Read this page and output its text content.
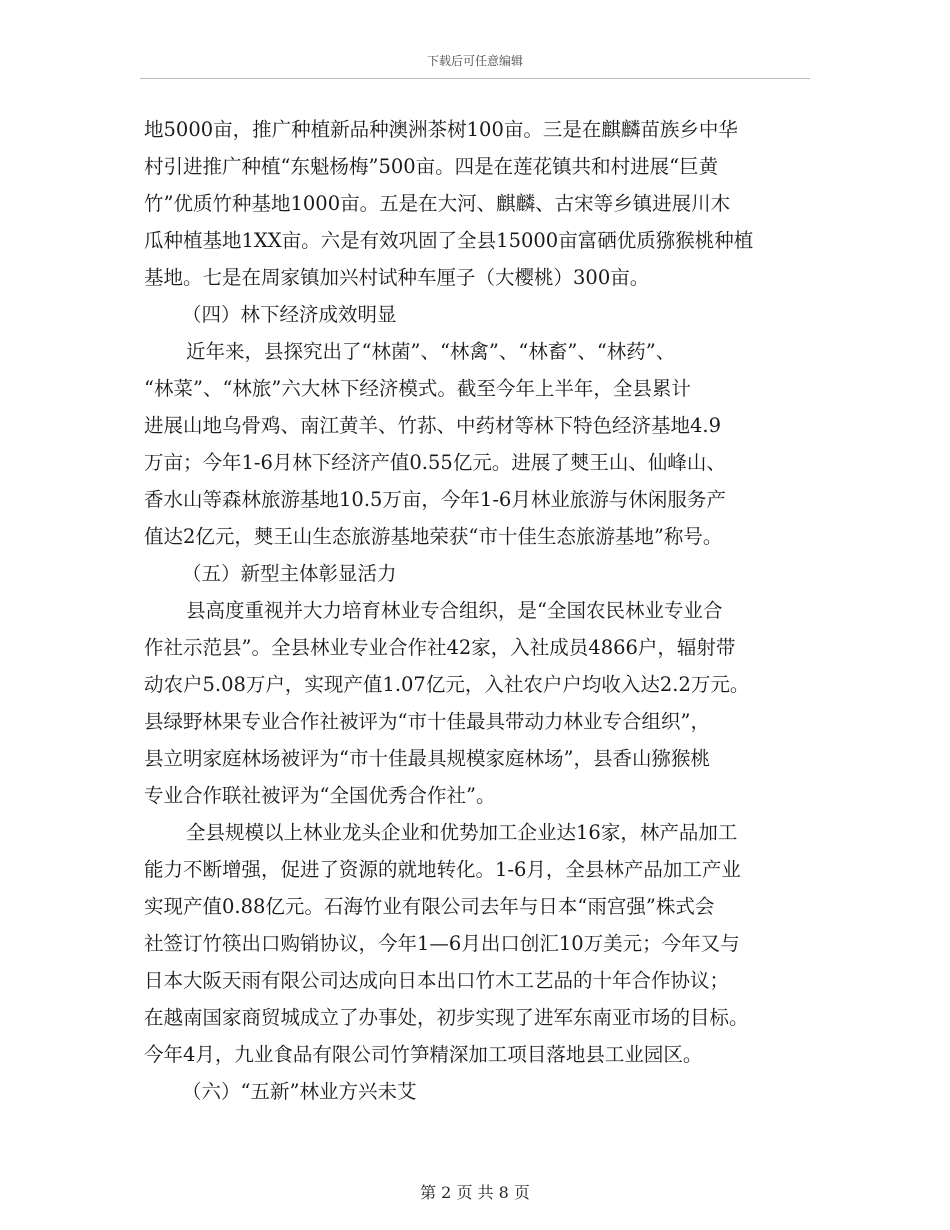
下载后可任意编辑
地5000亩，推广种植新品种澳洲茶树100亩。三是在麒麟苗族乡中华
村引进推广种植“东魁杨梅”500亩。四是在莲花镇共和村进展“巨黄
竹”优质竹种基地1000亩。五是在大河、麒麟、古宋等乡镇进展川木
瓜种植基地1XX亩。六是有效巩固了全县15000亩富硒优质猕猴桃种植
基地。七是在周家镇加兴村试种车厘子（大樱桃）300亩。
（四）林下经济成效明显
近年来，县探究出了“林菌”、“林禽”、“林畜”、“林药”、
“林菜”、“林旅”六大林下经济模式。截至今年上半年，全县累计
进展山地乌骨鸡、南江黄羊、竹荪、中药材等林下特色经济基地4.9
万亩；今年1-6月林下经济产值0.55亿元。进展了僰王山、仙峰山、
香水山等森林旅游基地10.5万亩，今年1-6月林业旅游与休闲服务产
值达2亿元，僰王山生态旅游基地荣获“市十佳生态旅游基地”称号。
（五）新型主体彰显活力
县高度重视并大力培育林业专合组织，是“全国农民林业专业合
作社示范县”。全县林业专业合作社42家，入社成员4866户，辐射带
动农户5.08万户，实现产值1.07亿元，入社农户户均收入达2.2万元。
县绿野林果专业合作社被评为“市十佳最具带动力林业专合组织”，
县立明家庭林场被评为“市十佳最具规模家庭林场”，县香山猕猴桃
专业合作联社被评为“全国优秀合作社”。
全县规模以上林业龙头企业和优势加工企业达16家，林产品加工
能力不断增强，促进了资源的就地转化。1-6月，全县林产品加工产业
实现产值0.88亿元。石海竹业有限公司去年与日本“雨宫强”株式会
社签订竹筷出口购销协议，今年1—6月出口创汇10万美元；今年又与
日本大阪天雨有限公司达成向日本出口竹木工艺品的十年合作协议；
在越南国家商贸城成立了办事处，初步实现了进军东南亚市场的目标。
今年4月，九业食品有限公司竹笋精深加工项目落地县工业园区。
（六）“五新”林业方兴未艾
第 2 页 共 8 页
